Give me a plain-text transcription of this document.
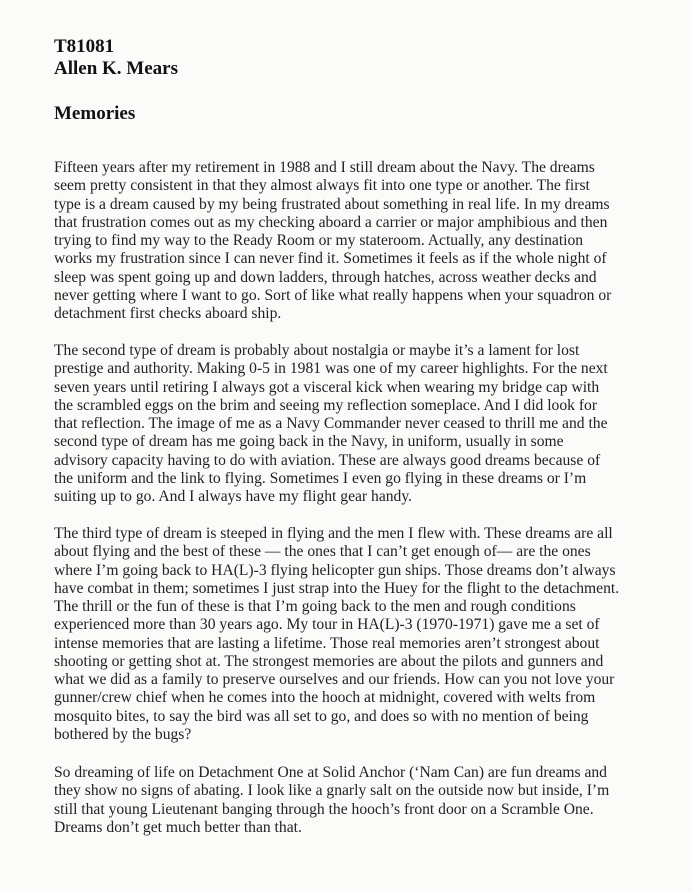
T81081
Allen K. Mears
Memories
Fifteen years after my retirement in 1988 and I still dream about the Navy. The dreams
seem pretty consistent in that they almost always fit into one type or another. The first
type is a dream caused by my being frustrated about something in real life. In my dreams
that frustration comes out as my checking aboard a carrier or major amphibious and then
trying to find my way to the Ready Room or my stateroom. Actually, any destination
works my frustration since I can never find it. Sometimes it feels as if the whole night of
sleep was spent going up and down ladders, through hatches, across weather decks and
never getting where I want to go. Sort of like what really happens when your squadron or
detachment first checks aboard ship.
The second type of dream is probably about nostalgia or maybe it’s a lament for lost
prestige and authority. Making 0-5 in 1981 was one of my career highlights. For the next
seven years until retiring I always got a visceral kick when wearing my bridge cap with
the scrambled eggs on the brim and seeing my reflection someplace. And I did look for
that reflection. The image of me as a Navy Commander never ceased to thrill me and the
second type of dream has me going back in the Navy, in uniform, usually in some
advisory capacity having to do with aviation. These are always good dreams because of
the uniform and the link to flying. Sometimes I even go flying in these dreams or I’m
suiting up to go. And I always have my flight gear handy.
The third type of dream is steeped in flying and the men I flew with. These dreams are all
about flying and the best of these — the ones that I can’t get enough of— are the ones
where I’m going back to HA(L)-3 flying helicopter gun ships. Those dreams don’t always
have combat in them; sometimes I just strap into the Huey for the flight to the detachment.
The thrill or the fun of these is that I’m going back to the men and rough conditions
experienced more than 30 years ago. My tour in HA(L)-3 (1970-1971) gave me a set of
intense memories that are lasting a lifetime. Those real memories aren’t strongest about
shooting or getting shot at. The strongest memories are about the pilots and gunners and
what we did as a family to preserve ourselves and our friends. How can you not love your
gunner/crew chief when he comes into the hooch at midnight, covered with welts from
mosquito bites, to say the bird was all set to go, and does so with no mention of being
bothered by the bugs?
So dreaming of life on Detachment One at Solid Anchor (‘Nam Can) are fun dreams and
they show no signs of abating. I look like a gnarly salt on the outside now but inside, I’m
still that young Lieutenant banging through the hooch’s front door on a Scramble One.
Dreams don’t get much better than that.
